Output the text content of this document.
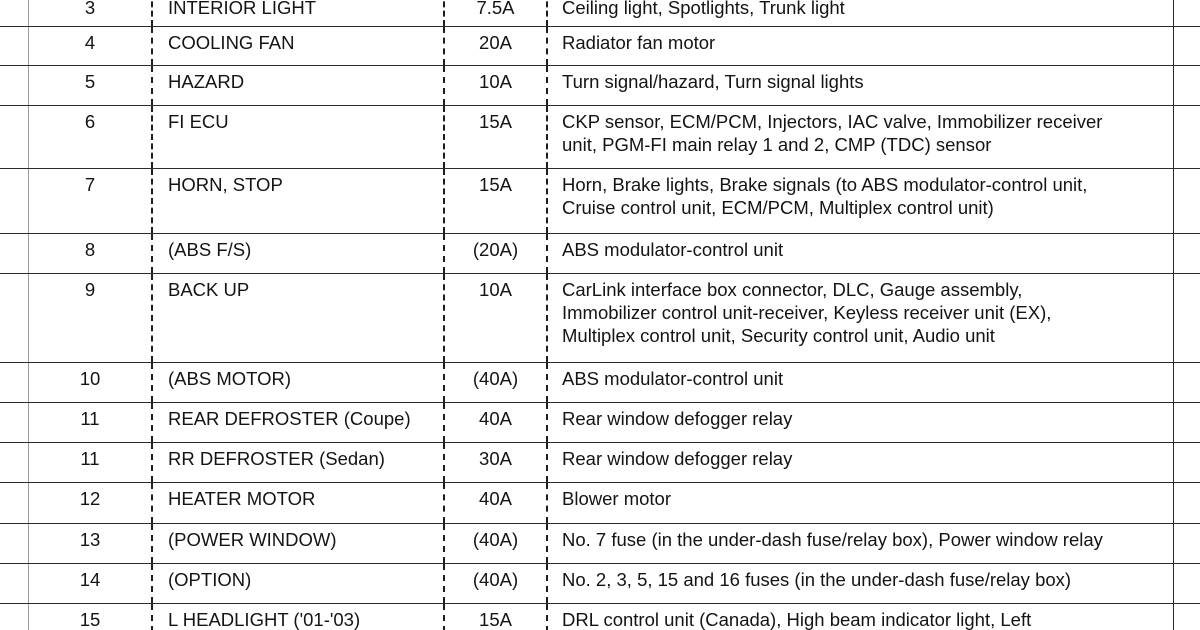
3	INTERIOR LIGHT	7.5A	Ceiling light, Spotlights, Trunk light
4	COOLING FAN	20A	Radiator fan motor
5	HAZARD	10A	Turn signal/hazard, Turn signal lights
6	FI ECU	15A	CKP sensor, ECM/PCM, Injectors, IAC valve, Immobilizer receiver
unit, PGM-FI main relay 1 and 2, CMP (TDC) sensor
7	HORN, STOP	15A	Horn, Brake lights, Brake signals (to ABS modulator-control unit,
Cruise control unit, ECM/PCM, Multiplex control unit)
8	(ABS F/S)	(20A)	ABS modulator-control unit
9	BACK UP	10A	CarLink interface box connector, DLC, Gauge assembly,
Immobilizer control unit-receiver, Keyless receiver unit (EX),
Multiplex control unit, Security control unit, Audio unit
10	(ABS MOTOR)	(40A)	ABS modulator-control unit
11	REAR DEFROSTER (Coupe)	40A	Rear window defogger relay
11	RR DEFROSTER (Sedan)	30A	Rear window defogger relay
12	HEATER MOTOR	40A	Blower motor
13	(POWER WINDOW)	(40A)	No. 7 fuse (in the under-dash fuse/relay box), Power window relay
14	(OPTION)	(40A)	No. 2, 3, 5, 15 and 16 fuses (in the under-dash fuse/relay box)
15	L HEADLIGHT ('01-'03)	15A	DRL control unit (Canada), High beam indicator light, Left
